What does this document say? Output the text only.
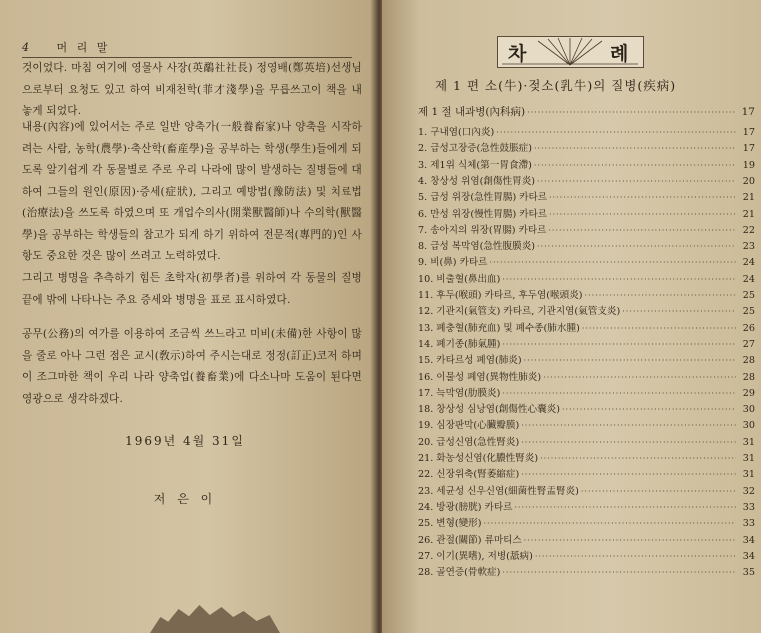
4 머 리 말

것이었다. 마침 여기에 영물사 사장(英鷸社社長) 정영배(鄭英培)선생님으로부터 요청도 있고 하여 비재천학(菲才淺學)을 무릅쓰고이 책을 내 놓게 되었다.

내용(內容)에 있어서는 주로 일반 양축가(一般養畜家)나 양축을 시작하려는 사람, 농학(農學)·축산학(畜産學)을 공부하는 학생(學生)들에게 되도록 알기쉽게 각 동물별로 주로 우리 나라에 많이 발생하는 질병들에 대하여 그들의 원인(原因)·증세(症狀), 그리고 예방법(豫防法) 및 치료법(治療法)을 쓰도록 하였으며 또 개업수의사(開業獸醫師)나 수의학(獸醫學)을 공부하는 학생들의 참고가 되게 하기 위하여 전문적(專門的)인 사항도 중요한 것은 많이 쓰려고 노력하였다.

그리고 병명을 추측하기 힘든 초학자(初學者)를 위하여 각 동물의 질병 끝에 밖에 나타나는 주요 증세와 병명을 표로 표시하였다.

공무(公務)의 여가를 이용하여 조금씩 쓰느라고 미비(未備)한 사항이 많을 줄로 아나 그런 점은 교시(敎示)하여 주시는대로 정정(訂正)코저 하며 이 조그마한 책이 우리 나라 양축업(養畜業)에 다소나마 도움이 된다면 영광으로 생각하겠다.

1969년 4월 31일
저 은 이
차	례
제 1 편 소(牛)·젖소(乳牛)의 질병(疾病)
제 1 절 내과병(內科病) ·····	17
1. 구내염(口內炎) ·····	17
2. 급성고장증(急性鼓脹症) ·····	17
3. 제1위 식체(第一胃食滯) ·····	19
4. 창상성 위염(創傷性胃炎) ·····	20
5. 급성 위장(急性胃腸) 카타르 ·····	21
6. 만성 위장(慢性胃腸) 카타르 ·····	21
7. 송아지의 위장(胃腸) 카타르 ·····	22
8. 급성 복막염(急性腹膜炎) ·····	23
9. 비(鼻) 카타르 ·····	24
10. 비출혈(鼻出血) ·····	24
11. 후두(喉頭) 카타르, 후두염(喉頭炎) ·····	25
12. 기관지(氣管支) 카타르, 기관지염(氣管支炎) ·····	25
13. 폐충혈(肺充血) 및 폐수종(肺水腫) ·····	26
14. 폐기종(肺氣腫) ·····	27
15. 카타르성 폐염(肺炎) ·····	28
16. 이물성 폐염(異物性肺炎) ·····	28
17. 늑막염(肋膜炎) ·····	29
18. 창상성 심낭염(創傷性心囊炎) ·····	30
19. 심장판막(心臟瓣膜) ·····	30
20. 급성신염(急性腎炎) ·····	31
21. 화농성신염(化膿性腎炎) ·····	31
22. 신장위축(腎萎縮症) ·····	31
23. 세균성 신우신염(細菌性腎盂腎炎) ·····	32
24. 방광(膀胱) 카타르 ·····	33
25. 변형(變形) ·····	33
26. 관절(關節) 류마티스 ·····	34
27. 이기(異嗜), 저병(舐病) ·····	34
28. 골연증(骨軟症) ·····	35
